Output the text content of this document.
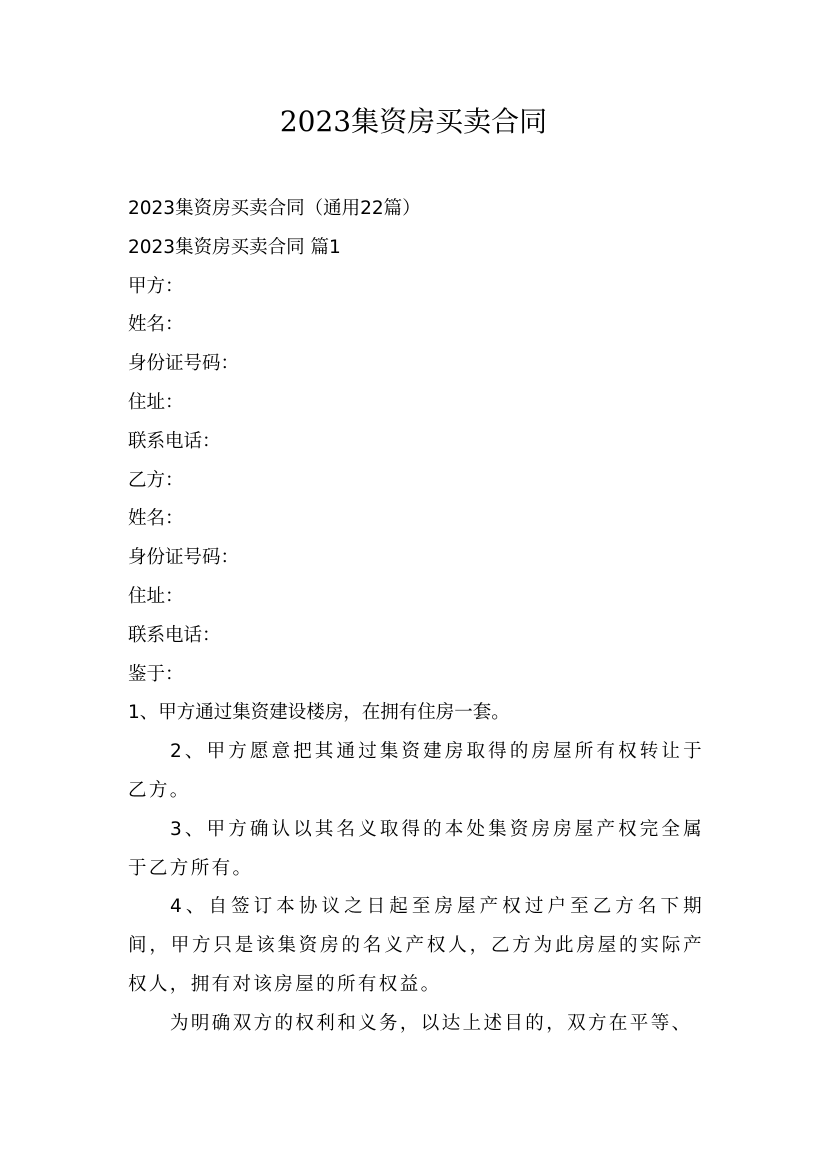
2023集资房买卖合同

2023集资房买卖合同（通用22篇）

2023集资房买卖合同 篇1

甲方：

姓名：

身份证号码：

住址：

联系电话：

乙方：

姓名：

身份证号码：

住址：

联系电话：

鉴于：

1、甲方通过集资建设楼房，在拥有住房一套。

2、甲方愿意把其通过集资建房取得的房屋所有权转让于乙方。

3、甲方确认以其名义取得的本处集资房房屋产权完全属于乙方所有。

4、自签订本协议之日起至房屋产权过户至乙方名下期间，甲方只是该集资房的名义产权人，乙方为此房屋的实际产权人，拥有对该房屋的所有权益。

为明确双方的权利和义务，以达上述目的，双方在平等、
